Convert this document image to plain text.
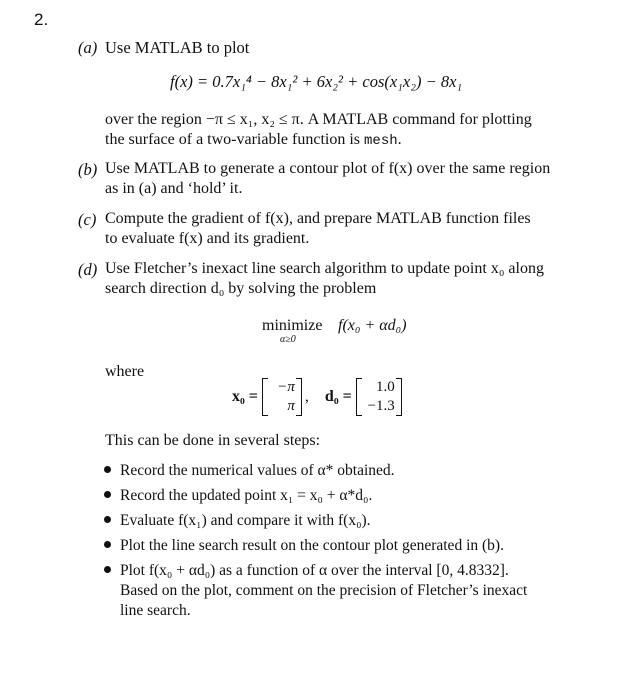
2.
(a) Use MATLAB to plot
f(x) = 0.7x₁⁴ − 8x₁² + 6x₂² + cos(x₁x₂) − 8x₁
over the region −π ≤ x₁, x₂ ≤ π. A MATLAB command for plotting
the surface of a two-variable function is mesh.
(b) Use MATLAB to generate a contour plot of f(x) over the same region
as in (a) and ‘hold’ it.
(c) Compute the gradient of f(x), and prepare MATLAB function files
to evaluate f(x) and its gradient.
(d) Use Fletcher’s inexact line search algorithm to update point x₀ along
search direction d₀ by solving the problem
minimize
α≥0
f(x₀ + αd₀)
where
x₀ =
−π
π
, d₀ =
1.0
−1.3
This can be done in several steps:
Record the numerical values of α* obtained.
Record the updated point x₁ = x₀ + α*d₀.
Evaluate f(x₁) and compare it with f(x₀).
Plot the line search result on the contour plot generated in (b).
Plot f(x₀ + αd₀) as a function of α over the interval [0, 4.8332].
Based on the plot, comment on the precision of Fletcher’s inexact
line search.
